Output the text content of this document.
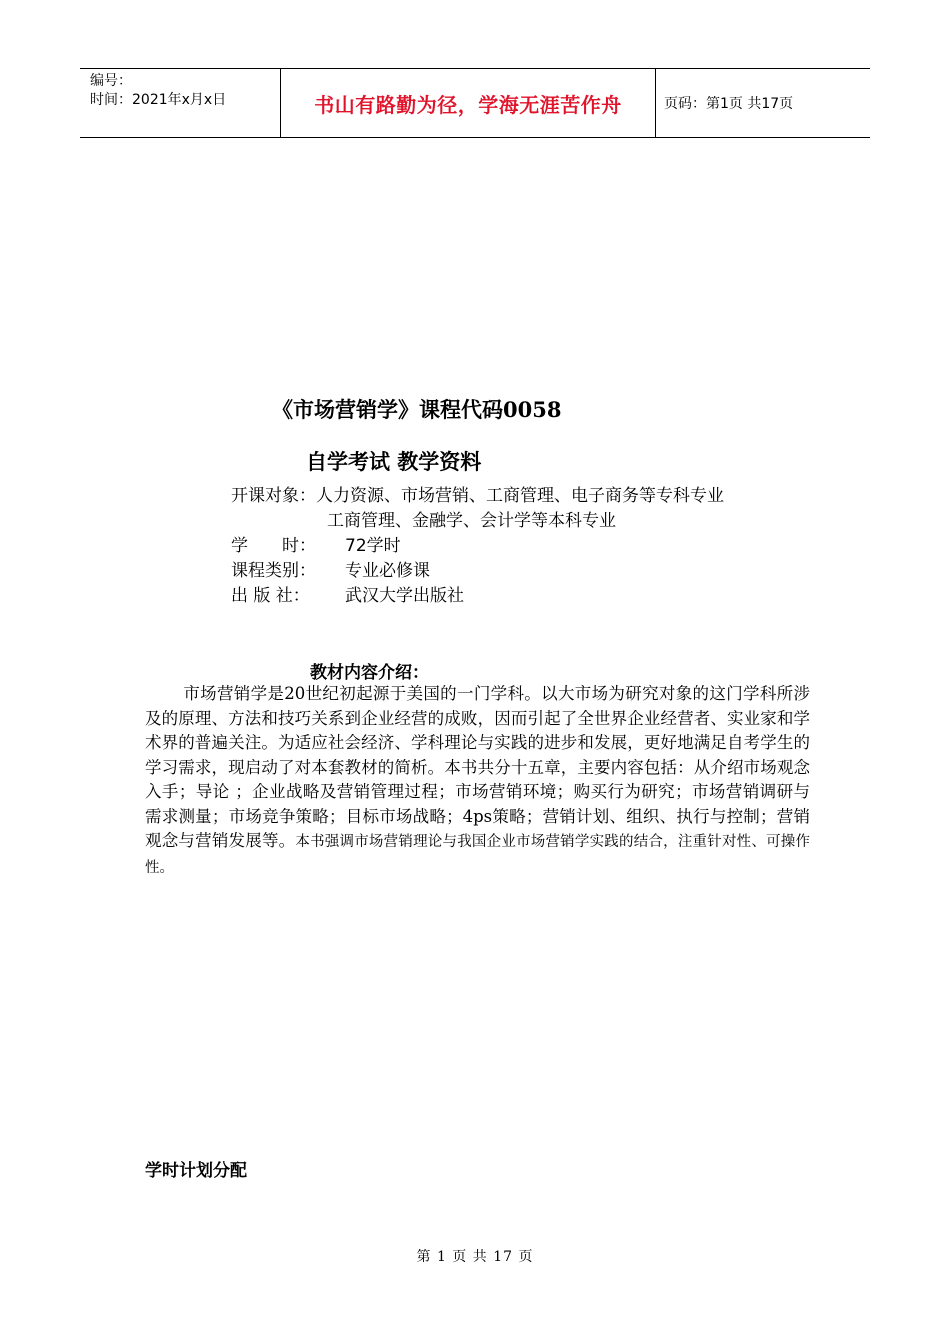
编号：
时间：2021年x月x日	书山有路勤为径，学海无涯苦作舟	页码：第1页 共17页
《市场营销学》课程代码0058
自学考试 教学资料
开课对象：人力资源、市场营销、工商管理、电子商务等专科专业
工商管理、金融学、会计学等本科专业
学　　时： 72学时
课程类别： 专业必修课
出 版 社： 武汉大学出版社
教材内容介绍：
市场营销学是20世纪初起源于美国的一门学科。以大市场为研究对象的这门学科所涉及的原理、方法和技巧关系到企业经营的成败，因而引起了全世界企业经营者、实业家和学术界的普遍关注。为适应社会经济、学科理论与实践的进步和发展，更好地满足自考学生的学习需求，现启动了对本套教材的简析。本书共分十五章，主要内容包括：从介绍市场观念入手；导论 ；企业战略及营销管理过程；市场营销环境；购买行为研究；市场营销调研与需求测量；市场竞争策略；目标市场战略；4ps策略；营销计划、组织、执行与控制；营销观念与营销发展等。本书强调市场营销理论与我国企业市场营销学实践的结合，注重针对性、可操作性。
学时计划分配
第 1 页 共 17 页
